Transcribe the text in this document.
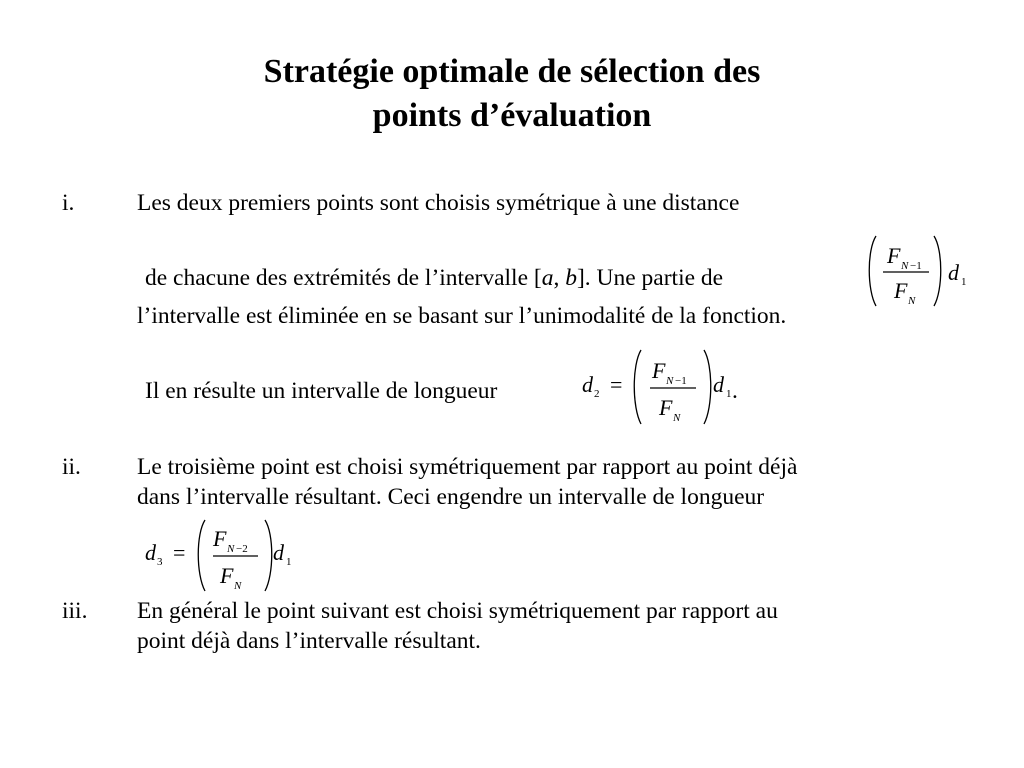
Stratégie optimale de sélection des
points d’évaluation
i.	Les deux premiers points sont choisis symétrique à une distance
de chacune des extrémités de l’intervalle [a, b]. Une partie de
l’intervalle est éliminée en se basant sur l’unimodalité de la fonction.
Il en résulte un intervalle de longueur	.
ii. Le troisième point est choisi symétriquement par rapport au point déjà
dans l’intervalle résultant. Ceci engendre un intervalle de longueur
iii. En général le point suivant est choisi symétriquement par rapport au
point déjà dans l’intervalle résultant.
F N −1
F N
d 1
d 2 =
F N −1
F N
d 1
d 3 =
F N −2
F N
d 1
